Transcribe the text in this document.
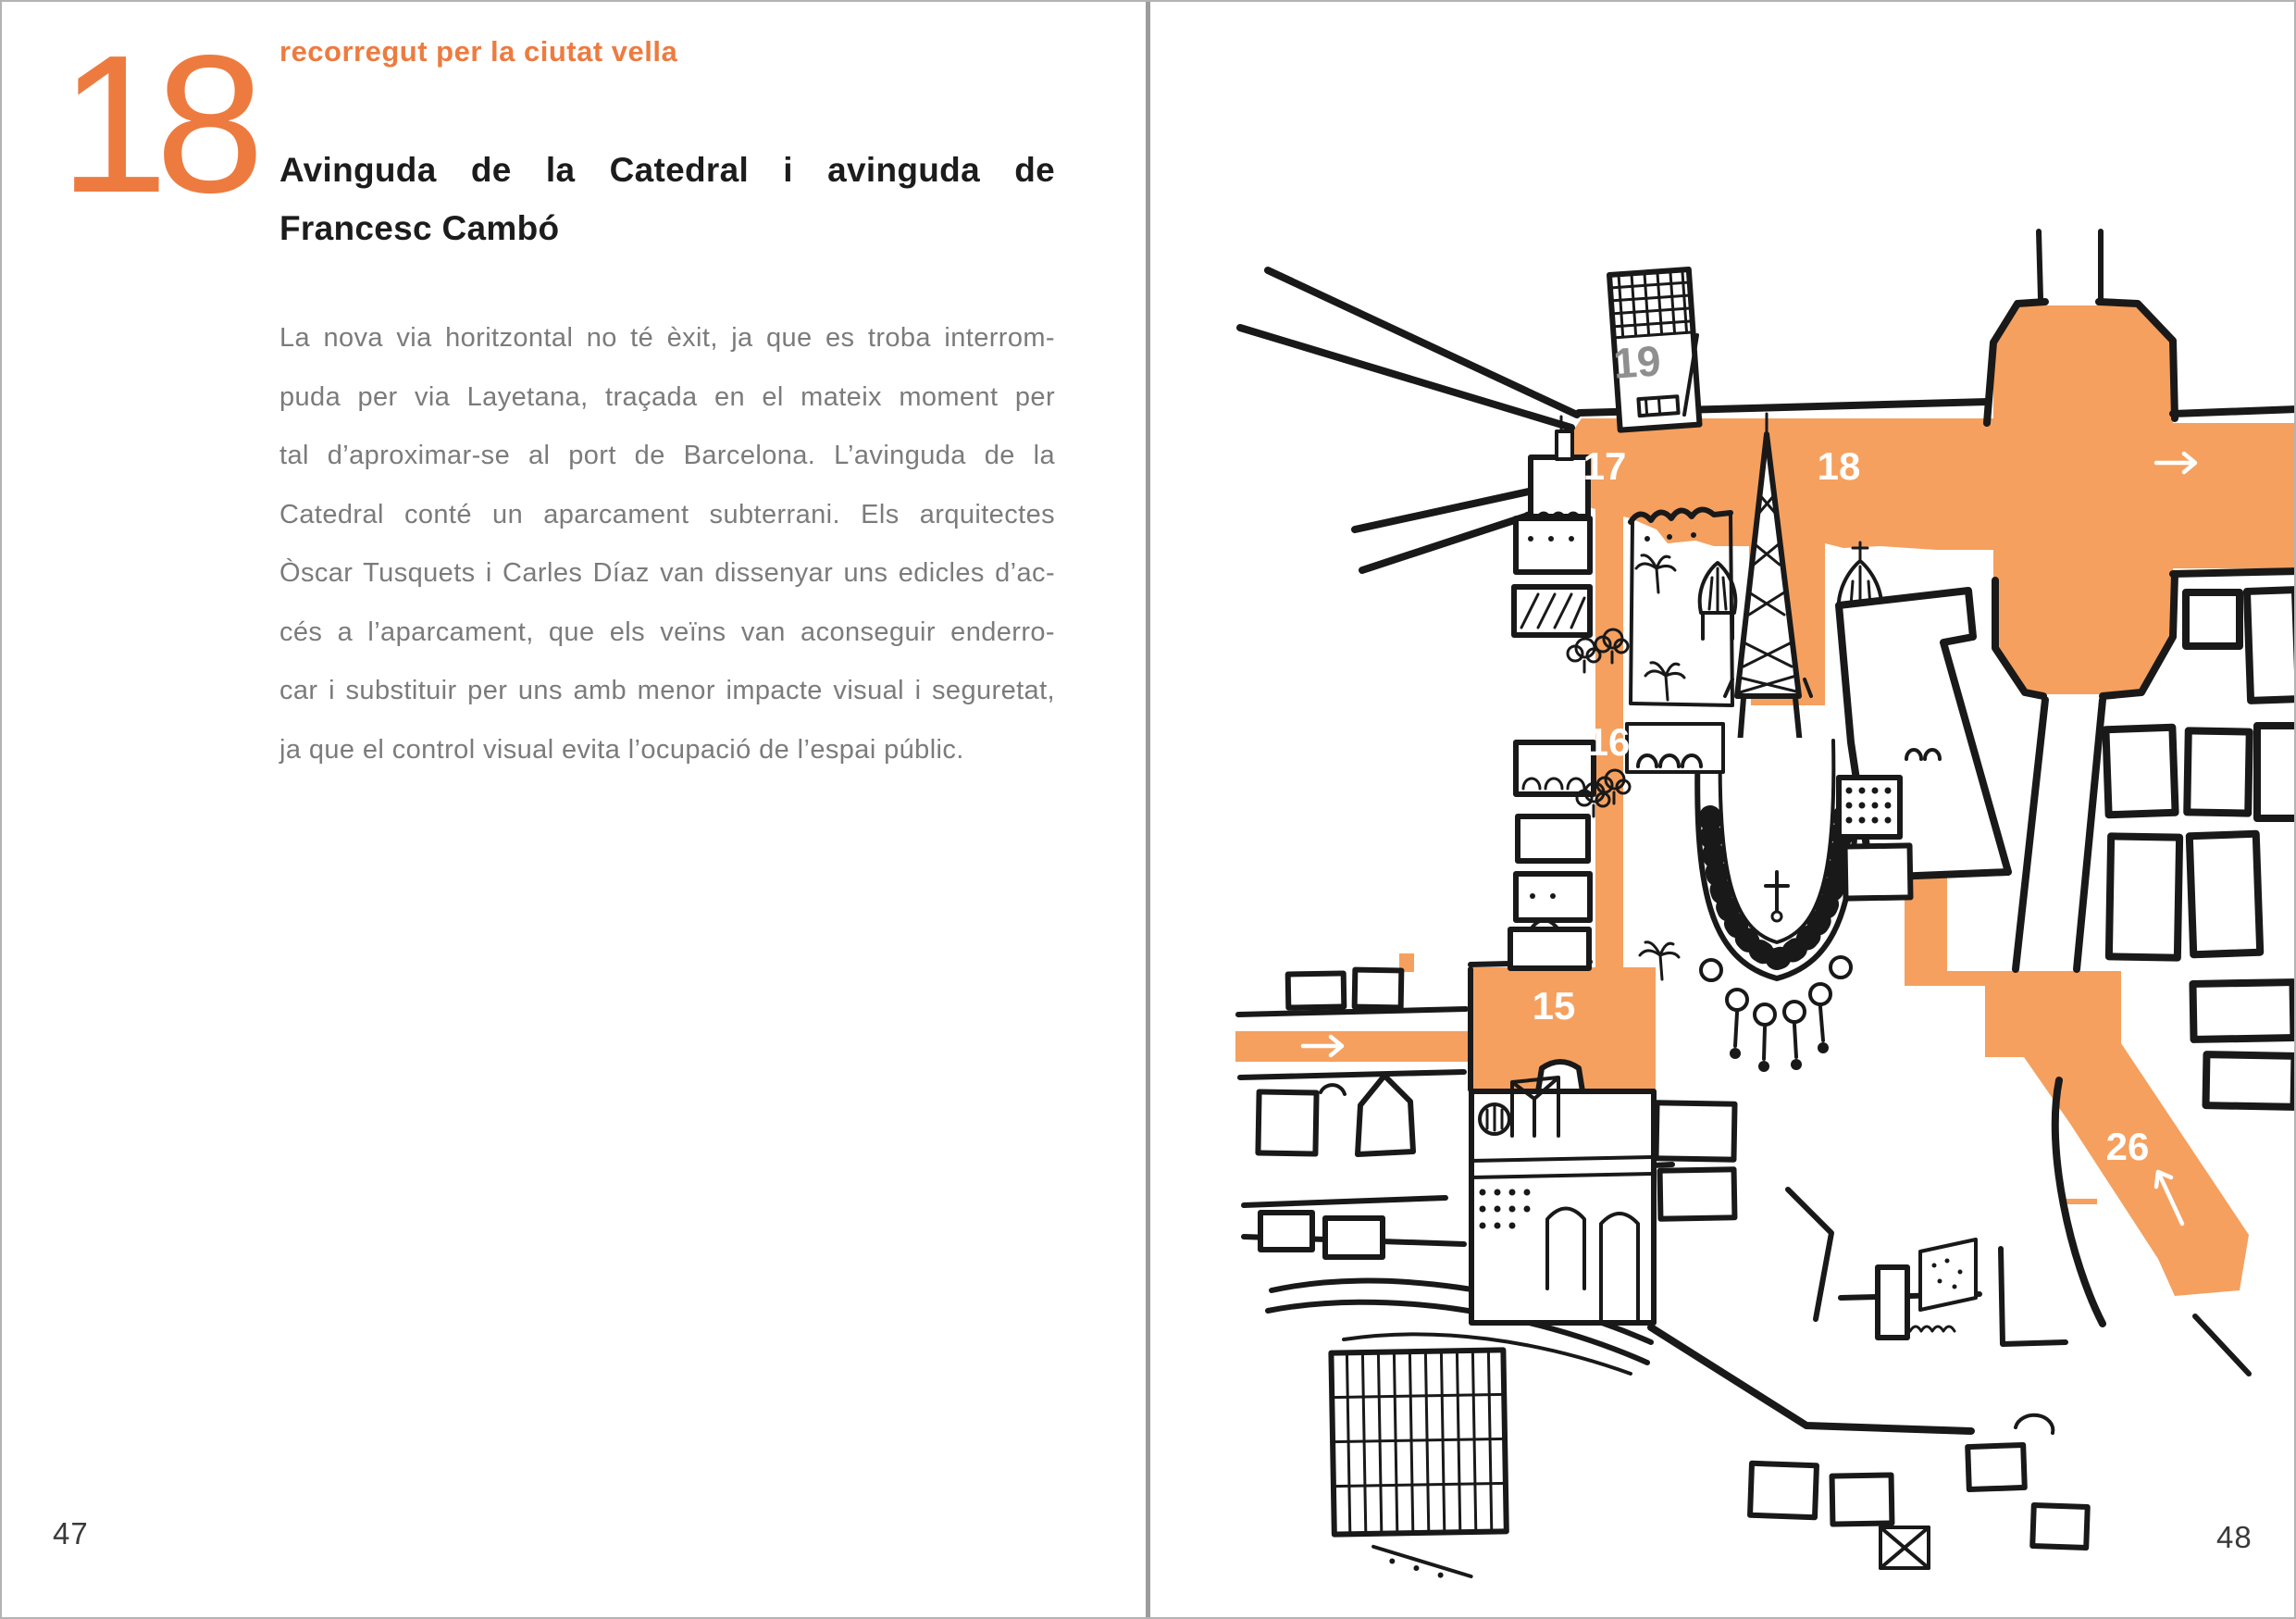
18 recorregut per la ciutat vella
Avinguda de la Catedral i avinguda de
Francesc Cambó
La nova via horitzontal no té èxit, ja que es troba interrom-
puda per via Layetana, traçada en el mateix moment per
tal d’aproximar-se al port de Barcelona. L’avinguda de la
Catedral conté un aparcament subterrani. Els arquitectes
Òscar Tusquets i Carles Díaz van dissenyar uns edicles d’ac-
cés a l’aparcament, que els veïns van aconseguir enderro-
car i substituir per uns amb menor impacte visual i seguretat,
ja que el control visual evita l’ocupació de l’espai públic.
47
19
17	18
16
27
15
26
48
